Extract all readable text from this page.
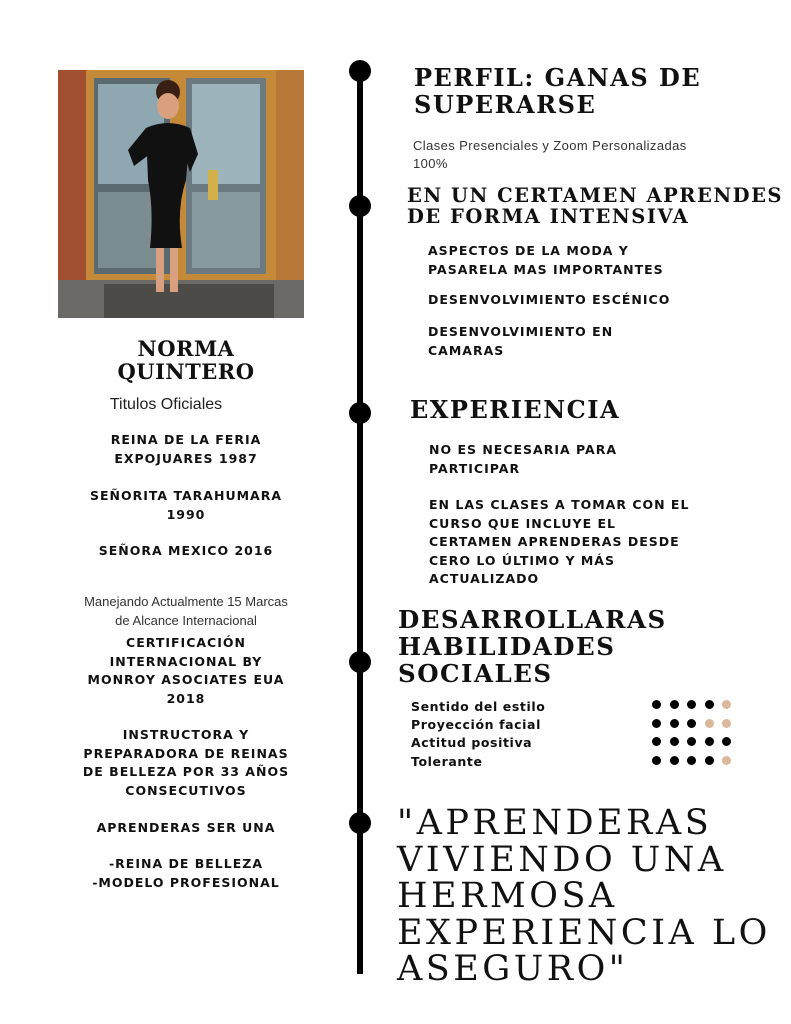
NORMA
QUINTERO
Titulos Oficiales
REINA DE LA FERIA
EXPOJUARES 1987
SEÑORITA TARAHUMARA
1990
SEÑORA MEXICO 2016
Manejando Actualmente 15 Marcas
de Alcance Internacional
CERTIFICACIÓN
INTERNACIONAL BY
MONROY ASOCIATES EUA
2018
INSTRUCTORA Y
PREPARADORA DE REINAS
DE BELLEZA POR 33 AÑOS
CONSECUTIVOS
APRENDERAS SER UNA
-REINA DE BELLEZA
-MODELO PROFESIONAL
PERFIL: GANAS DE
SUPERARSE
Clases Presenciales y Zoom Personalizadas
100%
EN UN CERTAMEN APRENDES
DE FORMA INTENSIVA
ASPECTOS DE LA MODA Y
PASARELA MAS IMPORTANTES
DESENVOLVIMIENTO ESCÉNICO
DESENVOLVIMIENTO EN
CAMARAS
EXPERIENCIA
NO ES NECESARIA PARA
PARTICIPAR
EN LAS CLASES A TOMAR CON EL
CURSO QUE INCLUYE EL
CERTAMEN APRENDERAS DESDE
CERO LO ÚLTIMO Y MÁS
ACTUALIZADO
DESARROLLARAS
HABILIDADES
SOCIALES
Sentido del estilo
Proyección facial
Actitud positiva
Tolerante
"APRENDERAS
VIVIENDO UNA
HERMOSA
EXPERIENCIA LO
ASEGURO"
